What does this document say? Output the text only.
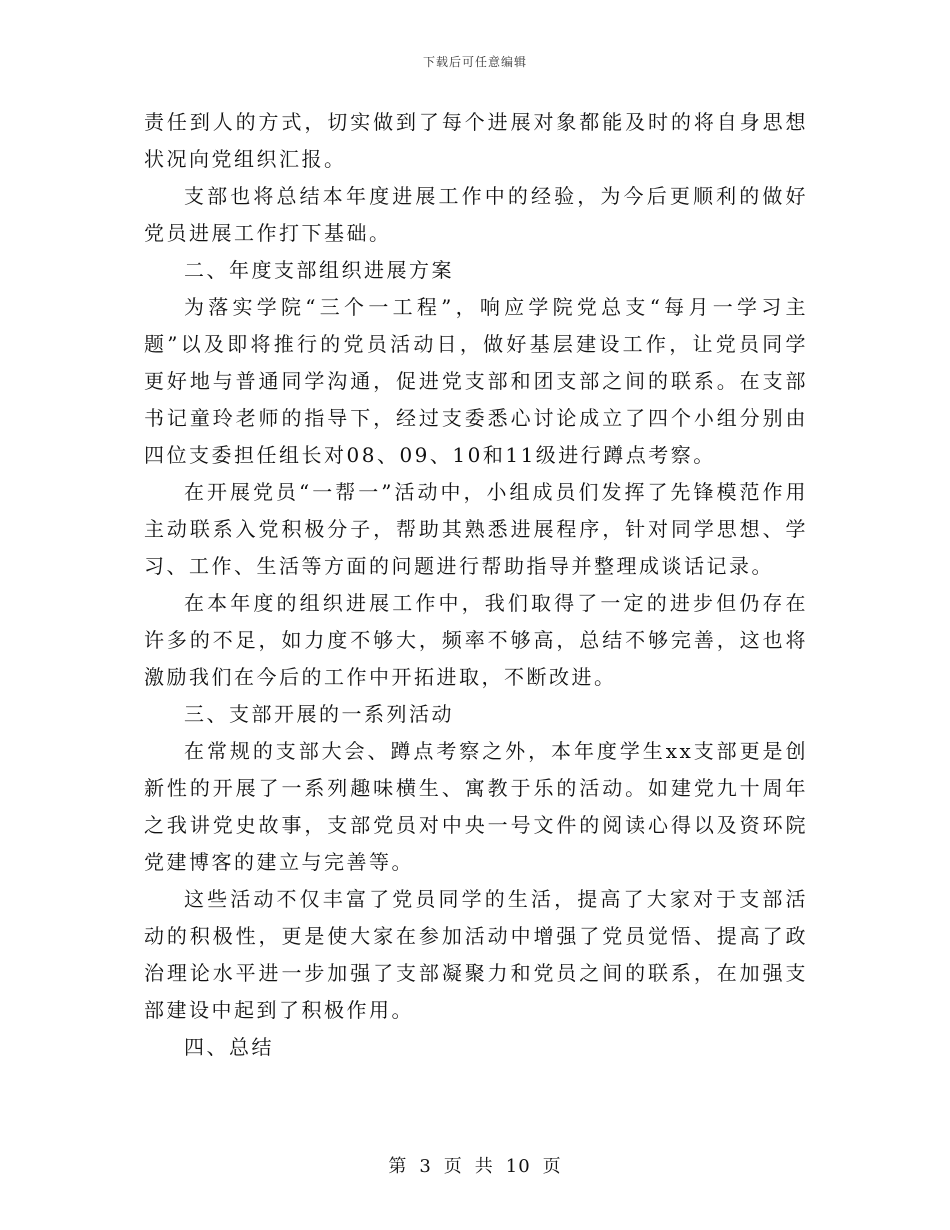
下载后可任意编辑

责任到人的方式，切实做到了每个进展对象都能及时的将自身思想状况向党组织汇报。

支部也将总结本年度进展工作中的经验，为今后更顺利的做好党员进展工作打下基础。

二、年度支部组织进展方案

为落实学院“三个一工程”，响应学院党总支“每月一学习主题”以及即将推行的党员活动日，做好基层建设工作，让党员同学更好地与普通同学沟通，促进党支部和团支部之间的联系。在支部书记童玲老师的指导下，经过支委悉心讨论成立了四个小组分别由四位支委担任组长对08、09、10和11级进行蹲点考察。

在开展党员“一帮一”活动中，小组成员们发挥了先锋模范作用主动联系入党积极分子，帮助其熟悉进展程序，针对同学思想、学习、工作、生活等方面的问题进行帮助指导并整理成谈话记录。

在本年度的组织进展工作中，我们取得了一定的进步但仍存在许多的不足，如力度不够大，频率不够高，总结不够完善，这也将激励我们在今后的工作中开拓进取，不断改进。

三、支部开展的一系列活动

在常规的支部大会、蹲点考察之外，本年度学生xx支部更是创新性的开展了一系列趣味横生、寓教于乐的活动。如建党九十周年之我讲党史故事，支部党员对中央一号文件的阅读心得以及资环院党建博客的建立与完善等。

这些活动不仅丰富了党员同学的生活，提高了大家对于支部活动的积极性，更是使大家在参加活动中增强了党员觉悟、提高了政治理论水平进一步加强了支部凝聚力和党员之间的联系，在加强支部建设中起到了积极作用。

四、总结

第 3 页 共 10 页
